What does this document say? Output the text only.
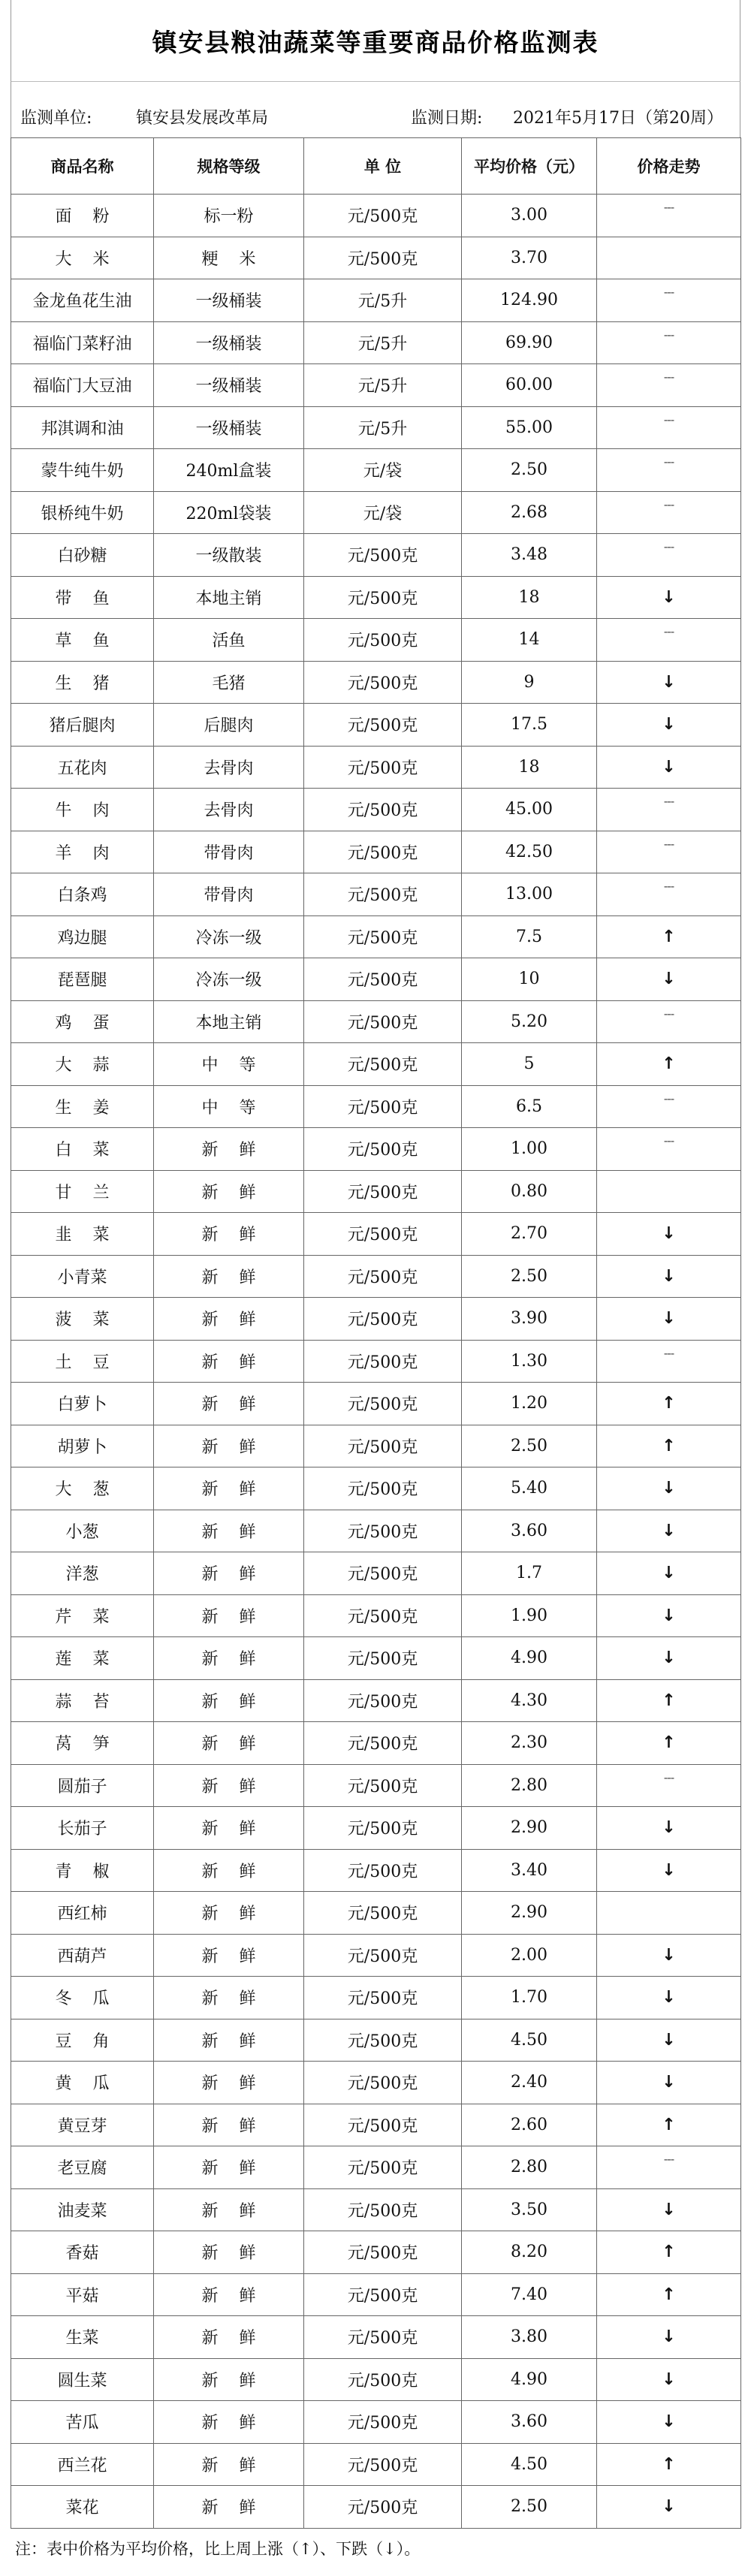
镇安县粮油蔬菜等重要商品价格监测表
监测单位:	镇安县发展改革局	监测日期: 2021年5月17日（第20周）
商品名称	规格等级	单 位	平均价格（元）	价格走势
面    粉	标一粉	元/500克	3.00	---
大    米	粳    米	元/500克	3.70	
金龙鱼花生油	一级桶装	元/5升	124.90	---
福临门菜籽油	一级桶装	元/5升	69.90	---
福临门大豆油	一级桶装	元/5升	60.00	---
邦淇调和油	一级桶装	元/5升	55.00	---
蒙牛纯牛奶	240ml盒装	元/袋	2.50	---
银桥纯牛奶	220ml袋装	元/袋	2.68	---
白砂糖	一级散装	元/500克	3.48	---
带    鱼	本地主销	元/500克	18	↓
草    鱼	活鱼	元/500克	14	---
生    猪	毛猪	元/500克	9	↓
猪后腿肉	后腿肉	元/500克	17.5	↓
五花肉	去骨肉	元/500克	18	↓
牛    肉	去骨肉	元/500克	45.00	---
羊    肉	带骨肉	元/500克	42.50	---
白条鸡	带骨肉	元/500克	13.00	---
鸡边腿	冷冻一级	元/500克	7.5	↑
琵琶腿	冷冻一级	元/500克	10	↓
鸡    蛋	本地主销	元/500克	5.20	---
大    蒜	中    等	元/500克	5	↑
生    姜	中    等	元/500克	6.5	---
白    菜	新    鲜	元/500克	1.00	---
甘    兰	新    鲜	元/500克	0.80	
韭    菜	新    鲜	元/500克	2.70	↓
小青菜	新    鲜	元/500克	2.50	↓
菠    菜	新    鲜	元/500克	3.90	↓
土    豆	新    鲜	元/500克	1.30	---
白萝卜	新    鲜	元/500克	1.20	↑
胡萝卜	新    鲜	元/500克	2.50	↑
大    葱	新    鲜	元/500克	5.40	↓
小葱	新    鲜	元/500克	3.60	↓
洋葱	新    鲜	元/500克	1.7	↓
芹    菜	新    鲜	元/500克	1.90	↓
莲    菜	新    鲜	元/500克	4.90	↓
蒜    苔	新    鲜	元/500克	4.30	↑
莴    笋	新    鲜	元/500克	2.30	↑
圆茄子	新    鲜	元/500克	2.80	---
长茄子	新    鲜	元/500克	2.90	↓
青    椒	新    鲜	元/500克	3.40	↓
西红柿	新    鲜	元/500克	2.90	
西葫芦	新    鲜	元/500克	2.00	↓
冬    瓜	新    鲜	元/500克	1.70	↓
豆    角	新    鲜	元/500克	4.50	↓
黄    瓜	新    鲜	元/500克	2.40	↓
黄豆芽	新    鲜	元/500克	2.60	↑
老豆腐	新    鲜	元/500克	2.80	---
油麦菜	新    鲜	元/500克	3.50	↓
香菇	新    鲜	元/500克	8.20	↑
平菇	新    鲜	元/500克	7.40	↑
生菜	新    鲜	元/500克	3.80	↓
圆生菜	新    鲜	元/500克	4.90	↓
苦瓜	新    鲜	元/500克	3.60	↓
西兰花	新    鲜	元/500克	4.50	↑
菜花	新    鲜	元/500克	2.50	↓
注：表中价格为平均价格，比上周上涨（↑）、下跌（↓）。
